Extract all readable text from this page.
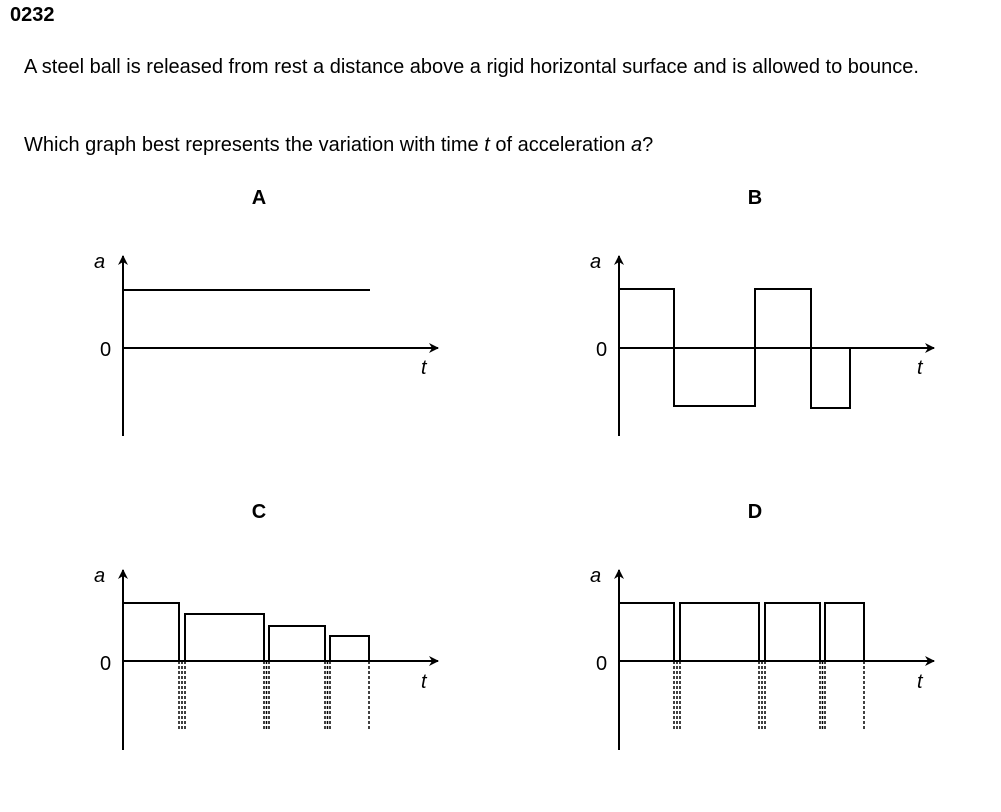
0232

A steel ball is released from rest a distance above a rigid horizontal surface and is allowed to bounce.

Which graph best represents the variation with time t of acceleration a?
A	B
C	D
a
0
t
a
0
t
a
0
t
a
0
t
